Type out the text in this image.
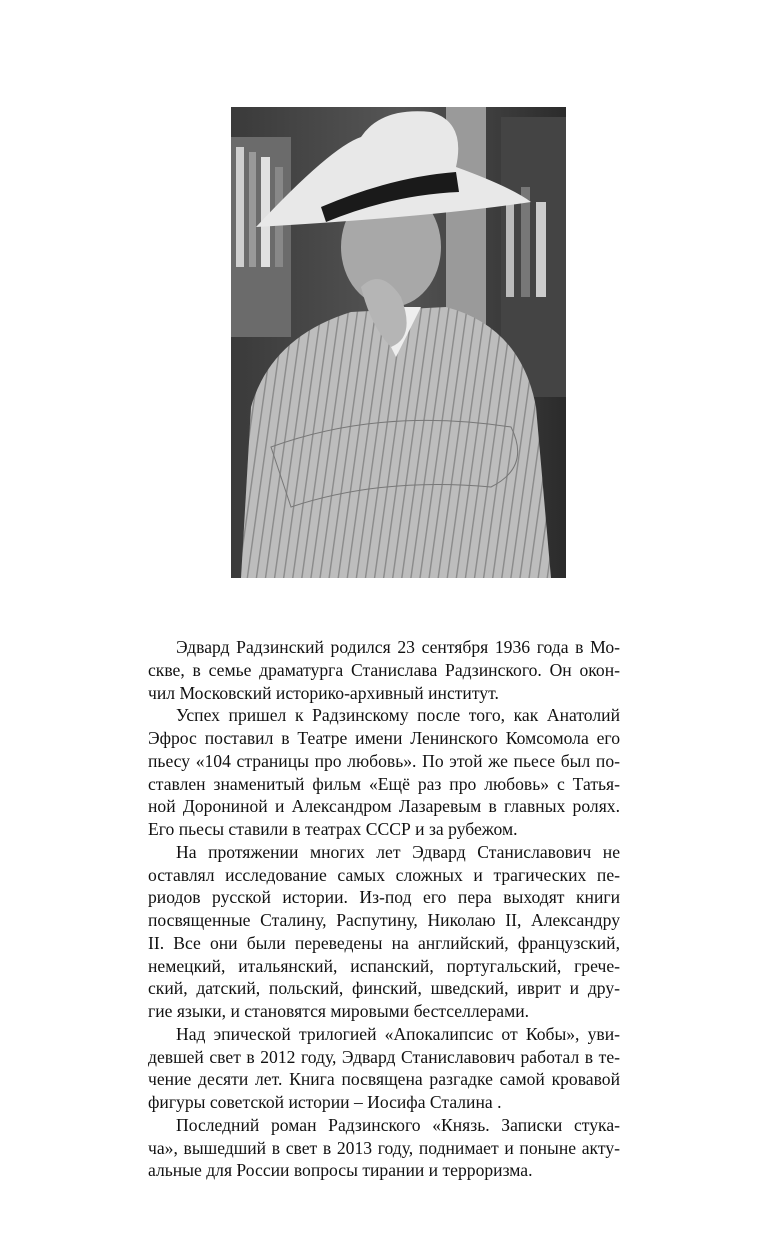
Эдвард Радзинский родился 23 сентября 1936 года в Мо-
скве, в семье драматурга Станислава Радзинского. Он окон-
чил Московский историко-архивный институт.
Успех пришел к Радзинскому после того, как Анатолий
Эфрос поставил в Театре имени Ленинского Комсомола его
пьесу «104 страницы про любовь». По этой же пьесе был по-
ставлен знаменитый фильм «Ещё раз про любовь» с Татья-
ной Дорониной и Александром Лазаревым в главных ролях.
Его пьесы ставили в театрах СССР и за рубежом.
На протяжении многих лет Эдвард Станиславович не
оставлял исследование самых сложных и трагических пе-
риодов русской истории. Из-под его пера выходят книги
посвященные Сталину, Распутину, Николаю II, Александру
II. Все они были переведены на английский, французский,
немецкий, итальянский, испанский, португальский, грече-
ский, датский, польский, финский, шведский, иврит и дру-
гие языки, и становятся мировыми бестселлерами.
Над эпической трилогией «Апокалипсис от Кобы», уви-
девшей свет в 2012 году, Эдвард Станиславович работал в те-
чение десяти лет. Книга посвящена разгадке самой кровавой
фигуры советской истории – Иосифа Сталина .
Последний роман Радзинского «Князь. Записки стука-
ча», вышедший в свет в 2013 году, поднимает и поныне акту-
альные для России вопросы тирании и терроризма.
